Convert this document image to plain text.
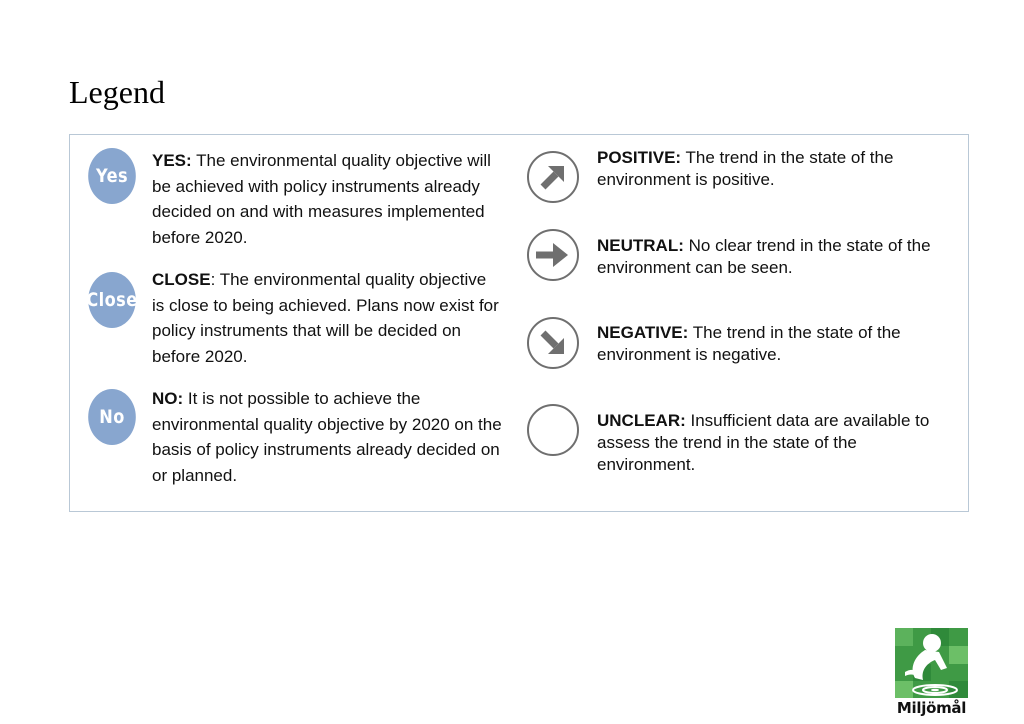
Legend
Yes
YES: The environmental quality objective will be achieved with policy instruments already decided on and with measures implemented before 2020.
Close
CLOSE: The environmental quality objective is close to being achieved. Plans now exist for policy instruments that will be decided on before 2020.
No
NO: It is not possible to achieve the environmental quality objective by 2020 on the basis of policy instruments already decided on or planned.
POSITIVE: The trend in the state of the environment is positive.
NEUTRAL: No clear trend in the state of the environment can be seen.
NEGATIVE: The trend in the state of the environment is negative.
UNCLEAR: Insufficient data are available to assess the trend in the state of the environment.
Miljömål
